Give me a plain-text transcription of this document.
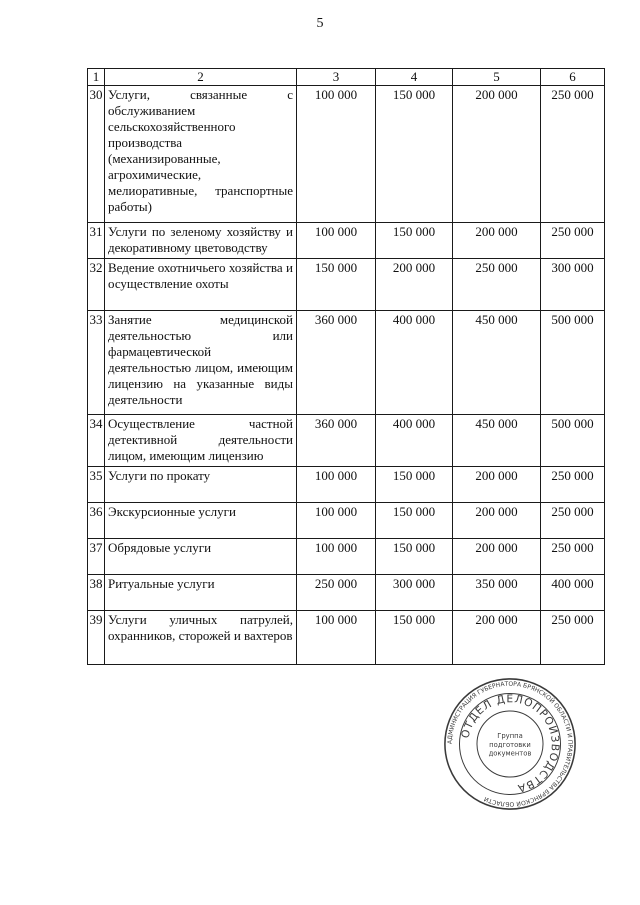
5
1	2	3	4	5	6
30	Услуги, связанные с обслуживанием сельскохозяйственного производства (механизированные, агрохимические, мелиоративные, транспортные работы)	100 000	150 000	200 000	250 000
31	Услуги по зеленому хозяйству и декоративному цветоводству	100 000	150 000	200 000	250 000
32	Ведение охотничьего хозяйства и осуществление охоты	150 000	200 000	250 000	300 000
33	Занятие медицинской деятельностью или фармацевтической деятельностью лицом, имеющим лицензию на указанные виды деятельности	360 000	400 000	450 000	500 000
34	Осуществление частной детективной деятельности лицом, имеющим лицензию	360 000	400 000	450 000	500 000
35	Услуги по прокату	100 000	150 000	200 000	250 000
36	Экскурсионные услуги	100 000	150 000	200 000	250 000
37	Обрядовые услуги	100 000	150 000	200 000	250 000
38	Ритуальные услуги	250 000	300 000	350 000	400 000
39	Услуги уличных патрулей, охранников, сторожей и вахтеров	100 000	150 000	200 000	250 000
АДМИНИСТРАЦИЯ ГУБЕРНАТОРА БРЯНСКОЙ ОБЛАСТИ И ПРАВИТЕЛЬСТВА БРЯНСКОЙ ОБЛАСТИ
ОТДЕЛ ДЕЛОПРОИЗВОДСТВА
Группа
подготовки
документов
